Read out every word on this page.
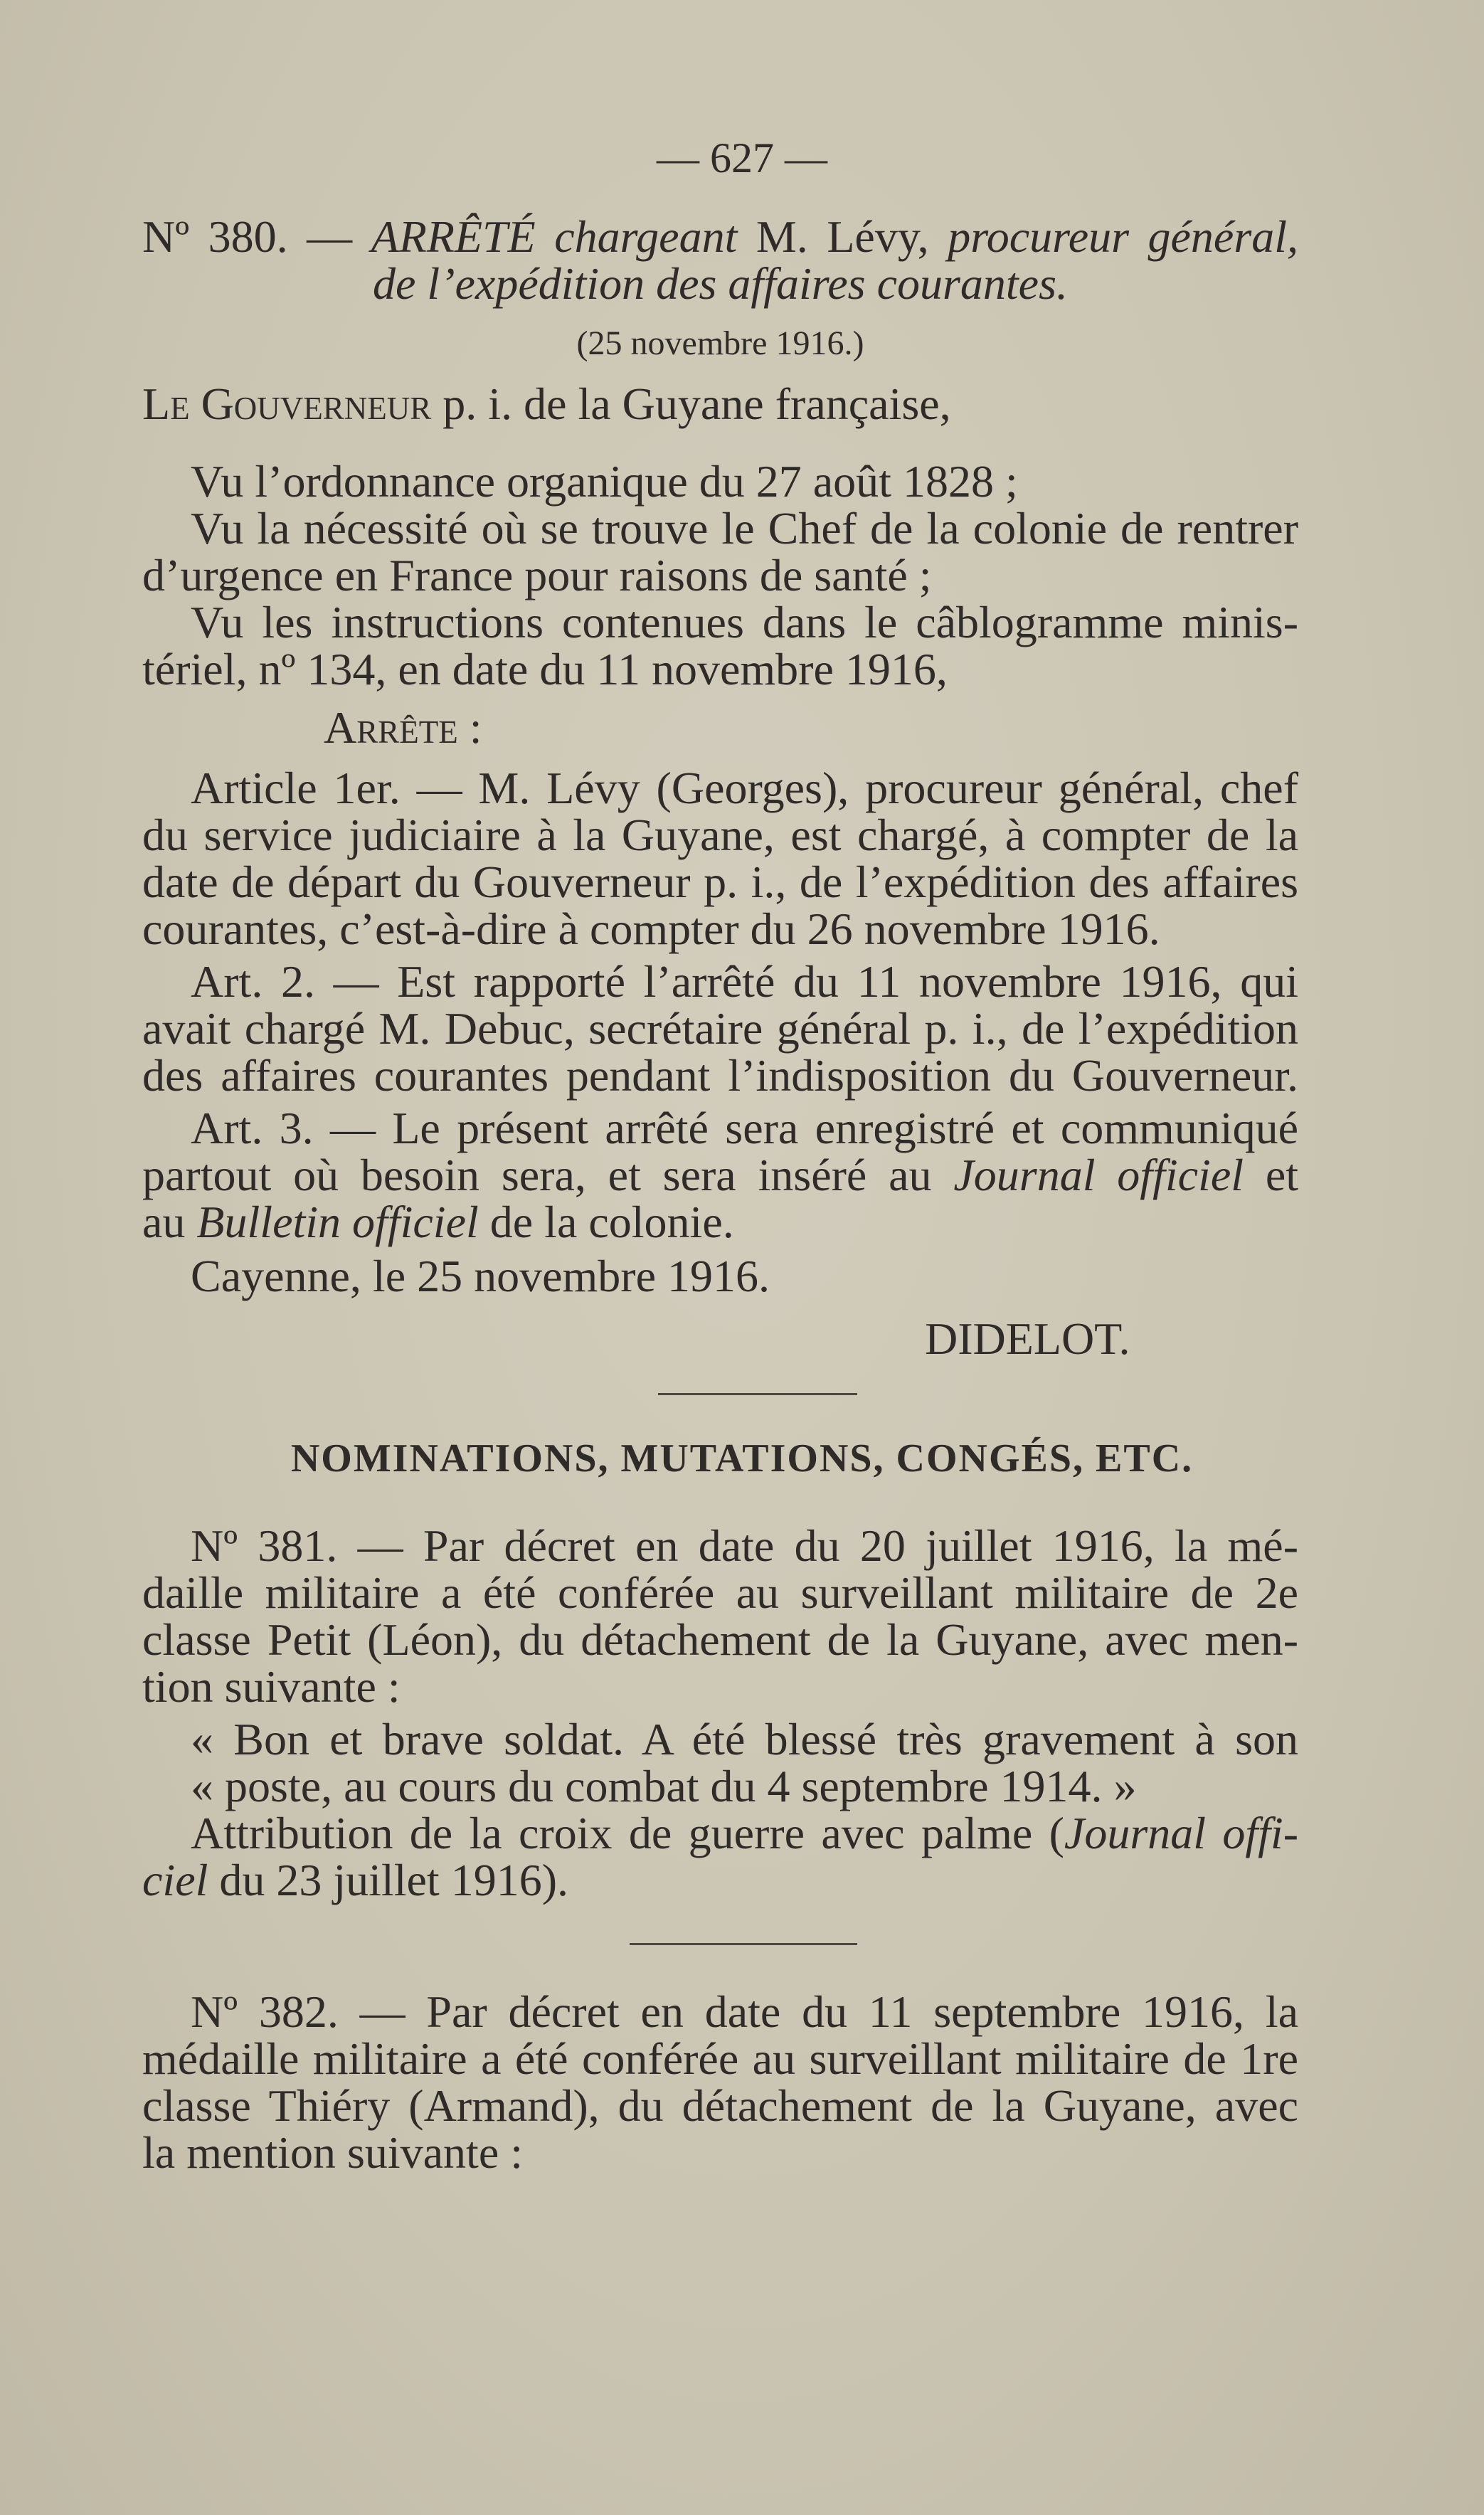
— 627 —
Nº 380. — ARRÊTÉ chargeant M. Lévy, procureur général,
de l’expédition des affaires courantes.
(25 novembre 1916.)
Le Gouverneur p. i. de la Guyane française,
Vu l’ordonnance organique du 27 août 1828 ;
Vu la nécessité où se trouve le Chef de la colonie de rentrer
d’urgence en France pour raisons de santé ;
Vu les instructions contenues dans le câblogramme minis-
tériel, nº 134, en date du 11 novembre 1916,
Arrête :
Article 1er. — M. Lévy (Georges), procureur général, chef
du service judiciaire à la Guyane, est chargé, à compter de la
date de départ du Gouverneur p. i., de l’expédition des affaires
courantes, c’est-à-dire à compter du 26 novembre 1916.
Art. 2. — Est rapporté l’arrêté du 11 novembre 1916, qui
avait chargé M. Debuc, secrétaire général p. i., de l’expédition
des affaires courantes pendant l’indisposition du Gouverneur.
Art. 3. — Le présent arrêté sera enregistré et communiqué
partout où besoin sera, et sera inséré au Journal officiel et
au Bulletin officiel de la colonie.
Cayenne, le 25 novembre 1916.
DIDELOT.
NOMINATIONS, MUTATIONS, CONGÉS, ETC.
Nº 381. — Par décret en date du 20 juillet 1916, la mé-
daille militaire a été conférée au surveillant militaire de 2e
classe Petit (Léon), du détachement de la Guyane, avec men-
tion suivante :
« Bon et brave soldat. A été blessé très gravement à son
« poste, au cours du combat du 4 septembre 1914. »
Attribution de la croix de guerre avec palme (Journal offi-
ciel du 23 juillet 1916).
Nº 382. — Par décret en date du 11 septembre 1916, la
médaille militaire a été conférée au surveillant militaire de 1re
classe Thiéry (Armand), du détachement de la Guyane, avec
la mention suivante :
